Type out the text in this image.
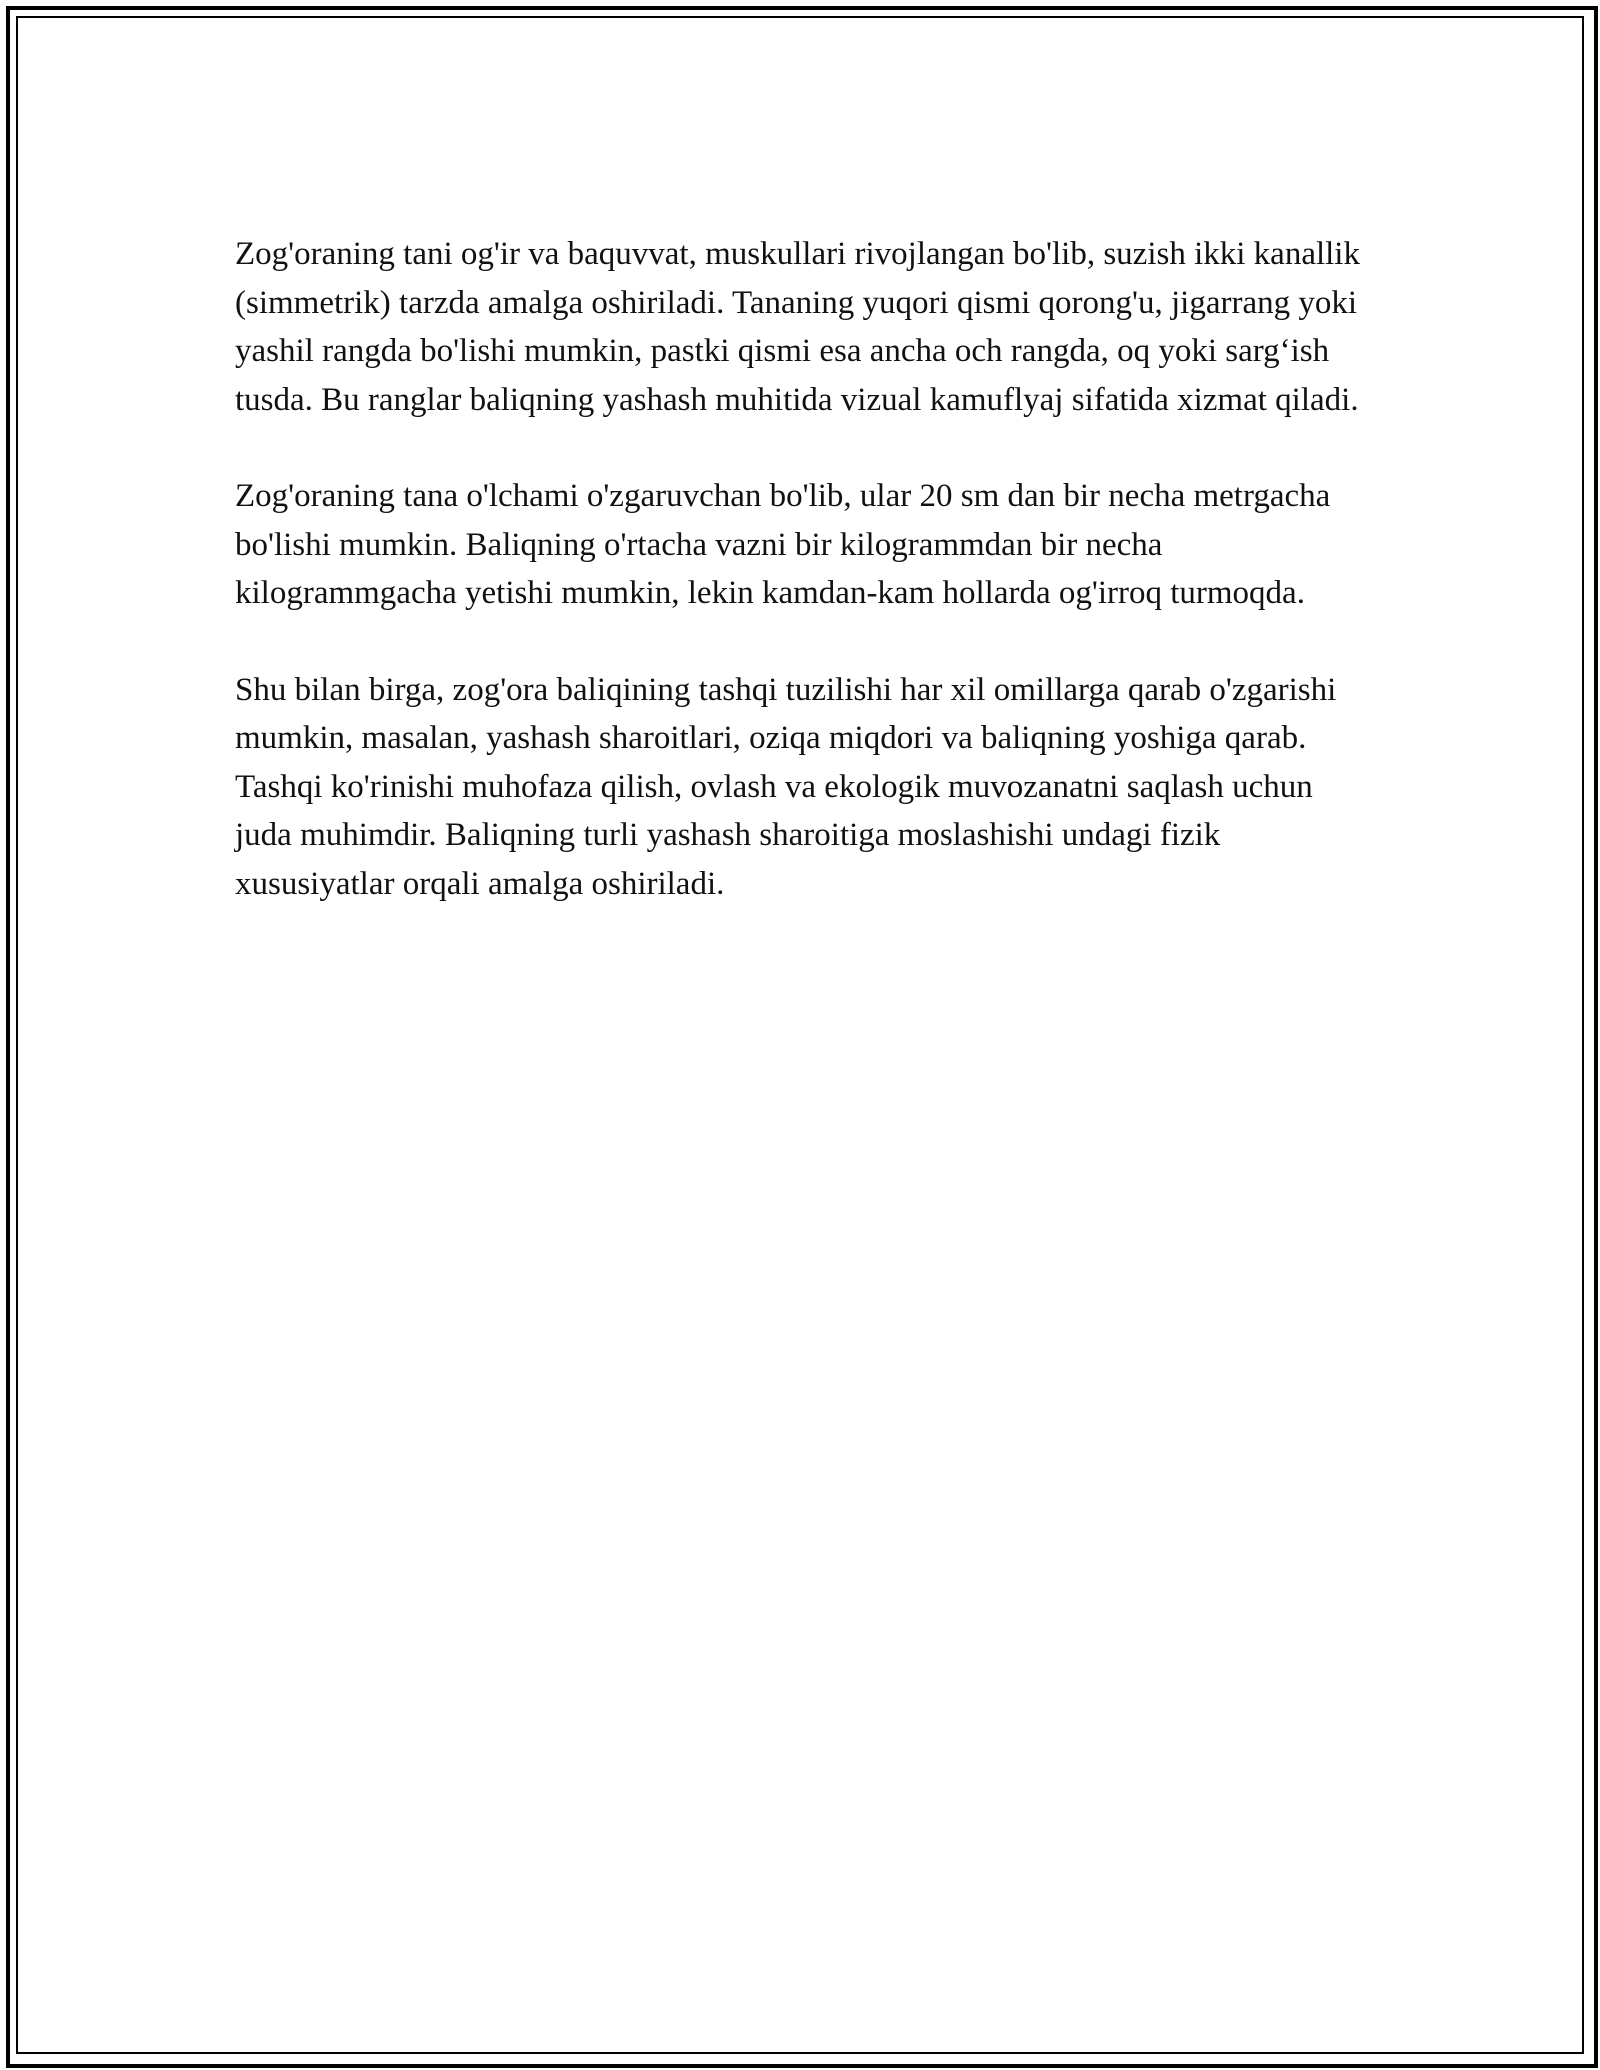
Zog'oraning tani og'ir va baquvvat, muskullari rivojlangan bo'lib, suzish ikki kanallik (simmetrik) tarzda amalga oshiriladi. Tananing yuqori qismi qorong'u, jigarrang yoki yashil rangda bo'lishi mumkin, pastki qismi esa ancha och rangda, oq yoki sarg‘ish tusda. Bu ranglar baliqning yashash muhitida vizual kamuflyaj sifatida xizmat qiladi.

Zog'oraning tana o'lchami o'zgaruvchan bo'lib, ular 20 sm dan bir necha metrgacha bo'lishi mumkin. Baliqning o'rtacha vazni bir kilogrammdan bir necha kilogrammgacha yetishi mumkin, lekin kamdan-kam hollarda og'irroq turmoqda.

Shu bilan birga, zog'ora baliqining tashqi tuzilishi har xil omillarga qarab o'zgarishi mumkin, masalan, yashash sharoitlari, oziqa miqdori va baliqning yoshiga qarab. Tashqi ko'rinishi muhofaza qilish, ovlash va ekologik muvozanatni saqlash uchun juda muhimdir. Baliqning turli yashash sharoitiga moslashishi undagi fizik xususiyatlar orqali amalga oshiriladi.
